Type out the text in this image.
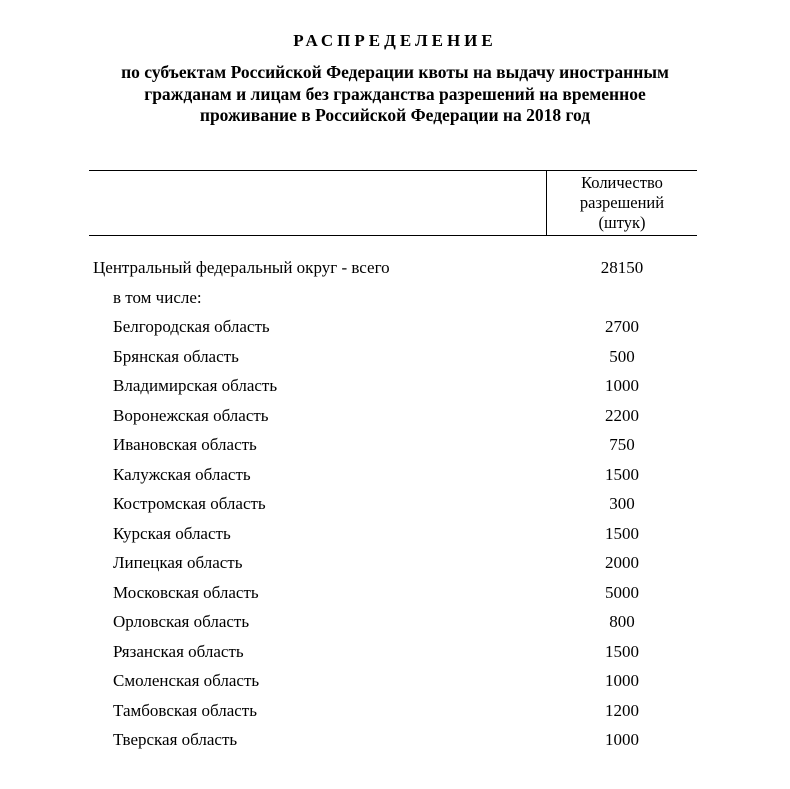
РАСПРЕДЕЛЕНИЕ
по субъектам Российской Федерации квоты на выдачу иностранным
гражданам и лицам без гражданства разрешений на временное
проживание в Российской Федерации на 2018 год
Количество
разрешений
(штук)
Центральный федеральный округ - всего	28150
в том числе:
Белгородская область	2700
Брянская область	500
Владимирская область	1000
Воронежская область	2200
Ивановская область	750
Калужская область	1500
Костромская область	300
Курская область	1500
Липецкая область	2000
Московская область	5000
Орловская область	800
Рязанская область	1500
Смоленская область	1000
Тамбовская область	1200
Тверская область	1000
